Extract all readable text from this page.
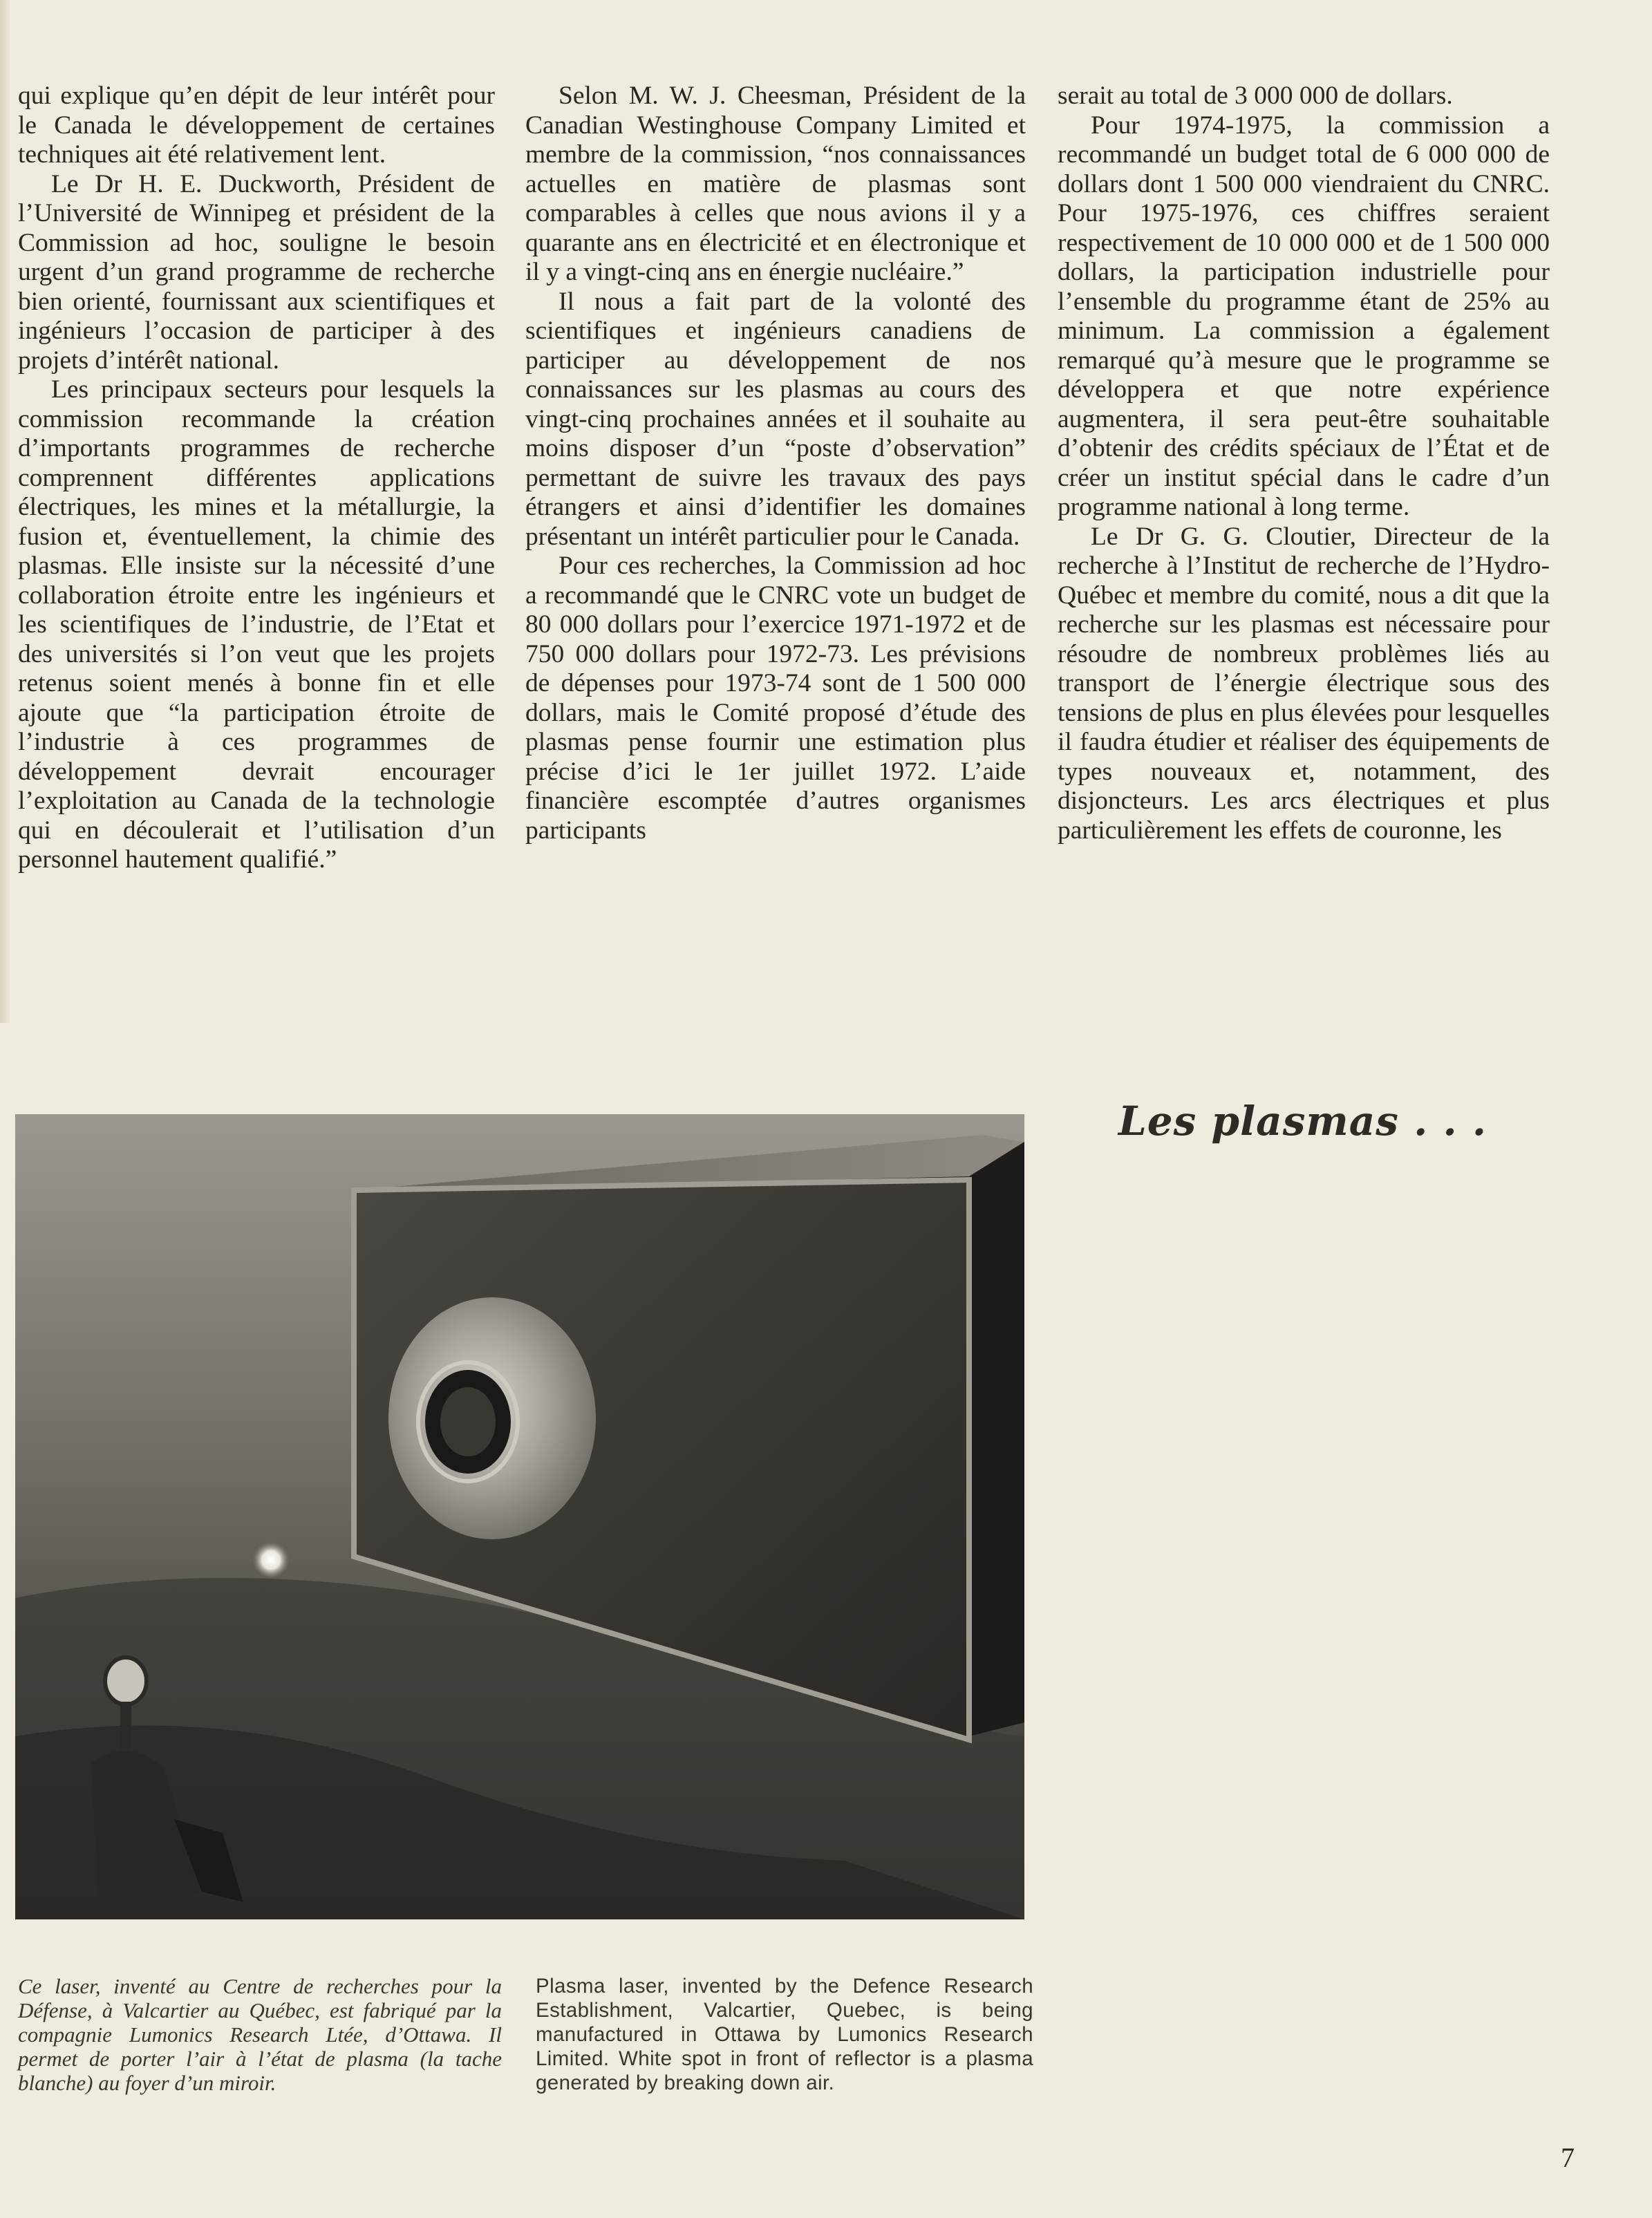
qui explique qu’en dépit de leur intérêt pour le Canada le développement de certaines techniques ait été relativement lent.

Le Dr H. E. Duckworth, Président de l’Université de Winnipeg et président de la Commission ad hoc, souligne le besoin urgent d’un grand programme de recherche bien orienté, fournissant aux scientifiques et ingénieurs l’occasion de participer à des projets d’intérêt national.

Les principaux secteurs pour lesquels la commission recommande la création d’importants programmes de recherche comprennent différentes applications électriques, les mines et la métallurgie, la fusion et, éventuellement, la chimie des plasmas. Elle insiste sur la nécessité d’une collaboration étroite entre les ingénieurs et les scientifiques de l’industrie, de l’Etat et des universités si l’on veut que les projets retenus soient menés à bonne fin et elle ajoute que “la participation étroite de l’industrie à ces programmes de développement devrait encourager l’exploitation au Canada de la technologie qui en découlerait et l’utilisation d’un personnel hautement qualifié.”

Selon M. W. J. Cheesman, Président de la Canadian Westinghouse Company Limited et membre de la commission, “nos connaissances actuelles en matière de plasmas sont comparables à celles que nous avions il y a quarante ans en électricité et en électronique et il y a vingt-cinq ans en énergie nucléaire.”

Il nous a fait part de la volonté des scientifiques et ingénieurs canadiens de participer au développement de nos connaissances sur les plasmas au cours des vingt-cinq prochaines années et il souhaite au moins disposer d’un “poste d’observation” permettant de suivre les travaux des pays étrangers et ainsi d’identifier les domaines présentant un intérêt particulier pour le Canada.

Pour ces recherches, la Commission ad hoc a recommandé que le CNRC vote un budget de 80 000 dollars pour l’exercice 1971-1972 et de 750 000 dollars pour 1972-73. Les prévisions de dépenses pour 1973-74 sont de 1 500 000 dollars, mais le Comité proposé d’étude des plasmas pense fournir une estimation plus précise d’ici le 1er juillet 1972. L’aide financière escomptée d’autres organismes participants

serait au total de 3 000 000 de dollars.

Pour 1974-1975, la commission a recommandé un budget total de 6 000 000 de dollars dont 1 500 000 viendraient du CNRC. Pour 1975-1976, ces chiffres seraient respectivement de 10 000 000 et de 1 500 000 dollars, la participation industrielle pour l’ensemble du programme étant de 25% au minimum. La commission a également remarqué qu’à mesure que le programme se développera et que notre expérience augmentera, il sera peut-être souhaitable d’obtenir des crédits spéciaux de l’État et de créer un institut spécial dans le cadre d’un programme national à long terme.

Le Dr G. G. Cloutier, Directeur de la recherche à l’Institut de recherche de l’Hydro-Québec et membre du comité, nous a dit que la recherche sur les plasmas est nécessaire pour résoudre de nombreux problèmes liés au transport de l’énergie électrique sous des tensions de plus en plus élevées pour lesquelles il faudra étudier et réaliser des équipements de types nouveaux et, notamment, des disjoncteurs. Les arcs électriques et plus particulièrement les effets de couronne, les

Les plasmas . . .
Ce laser, inventé au Centre de recherches pour la Défense, à Valcartier au Québec, est fabriqué par la compagnie Lumonics Research Ltée, d’Ottawa. Il permet de porter l’air à l’état de plasma (la tache blanche) au foyer d’un miroir.
Plasma laser, invented by the Defence Research Establishment, Valcartier, Quebec, is being manufactured in Ottawa by Lumonics Research Limited. White spot in front of reflector is a plasma generated by breaking down air.
7
